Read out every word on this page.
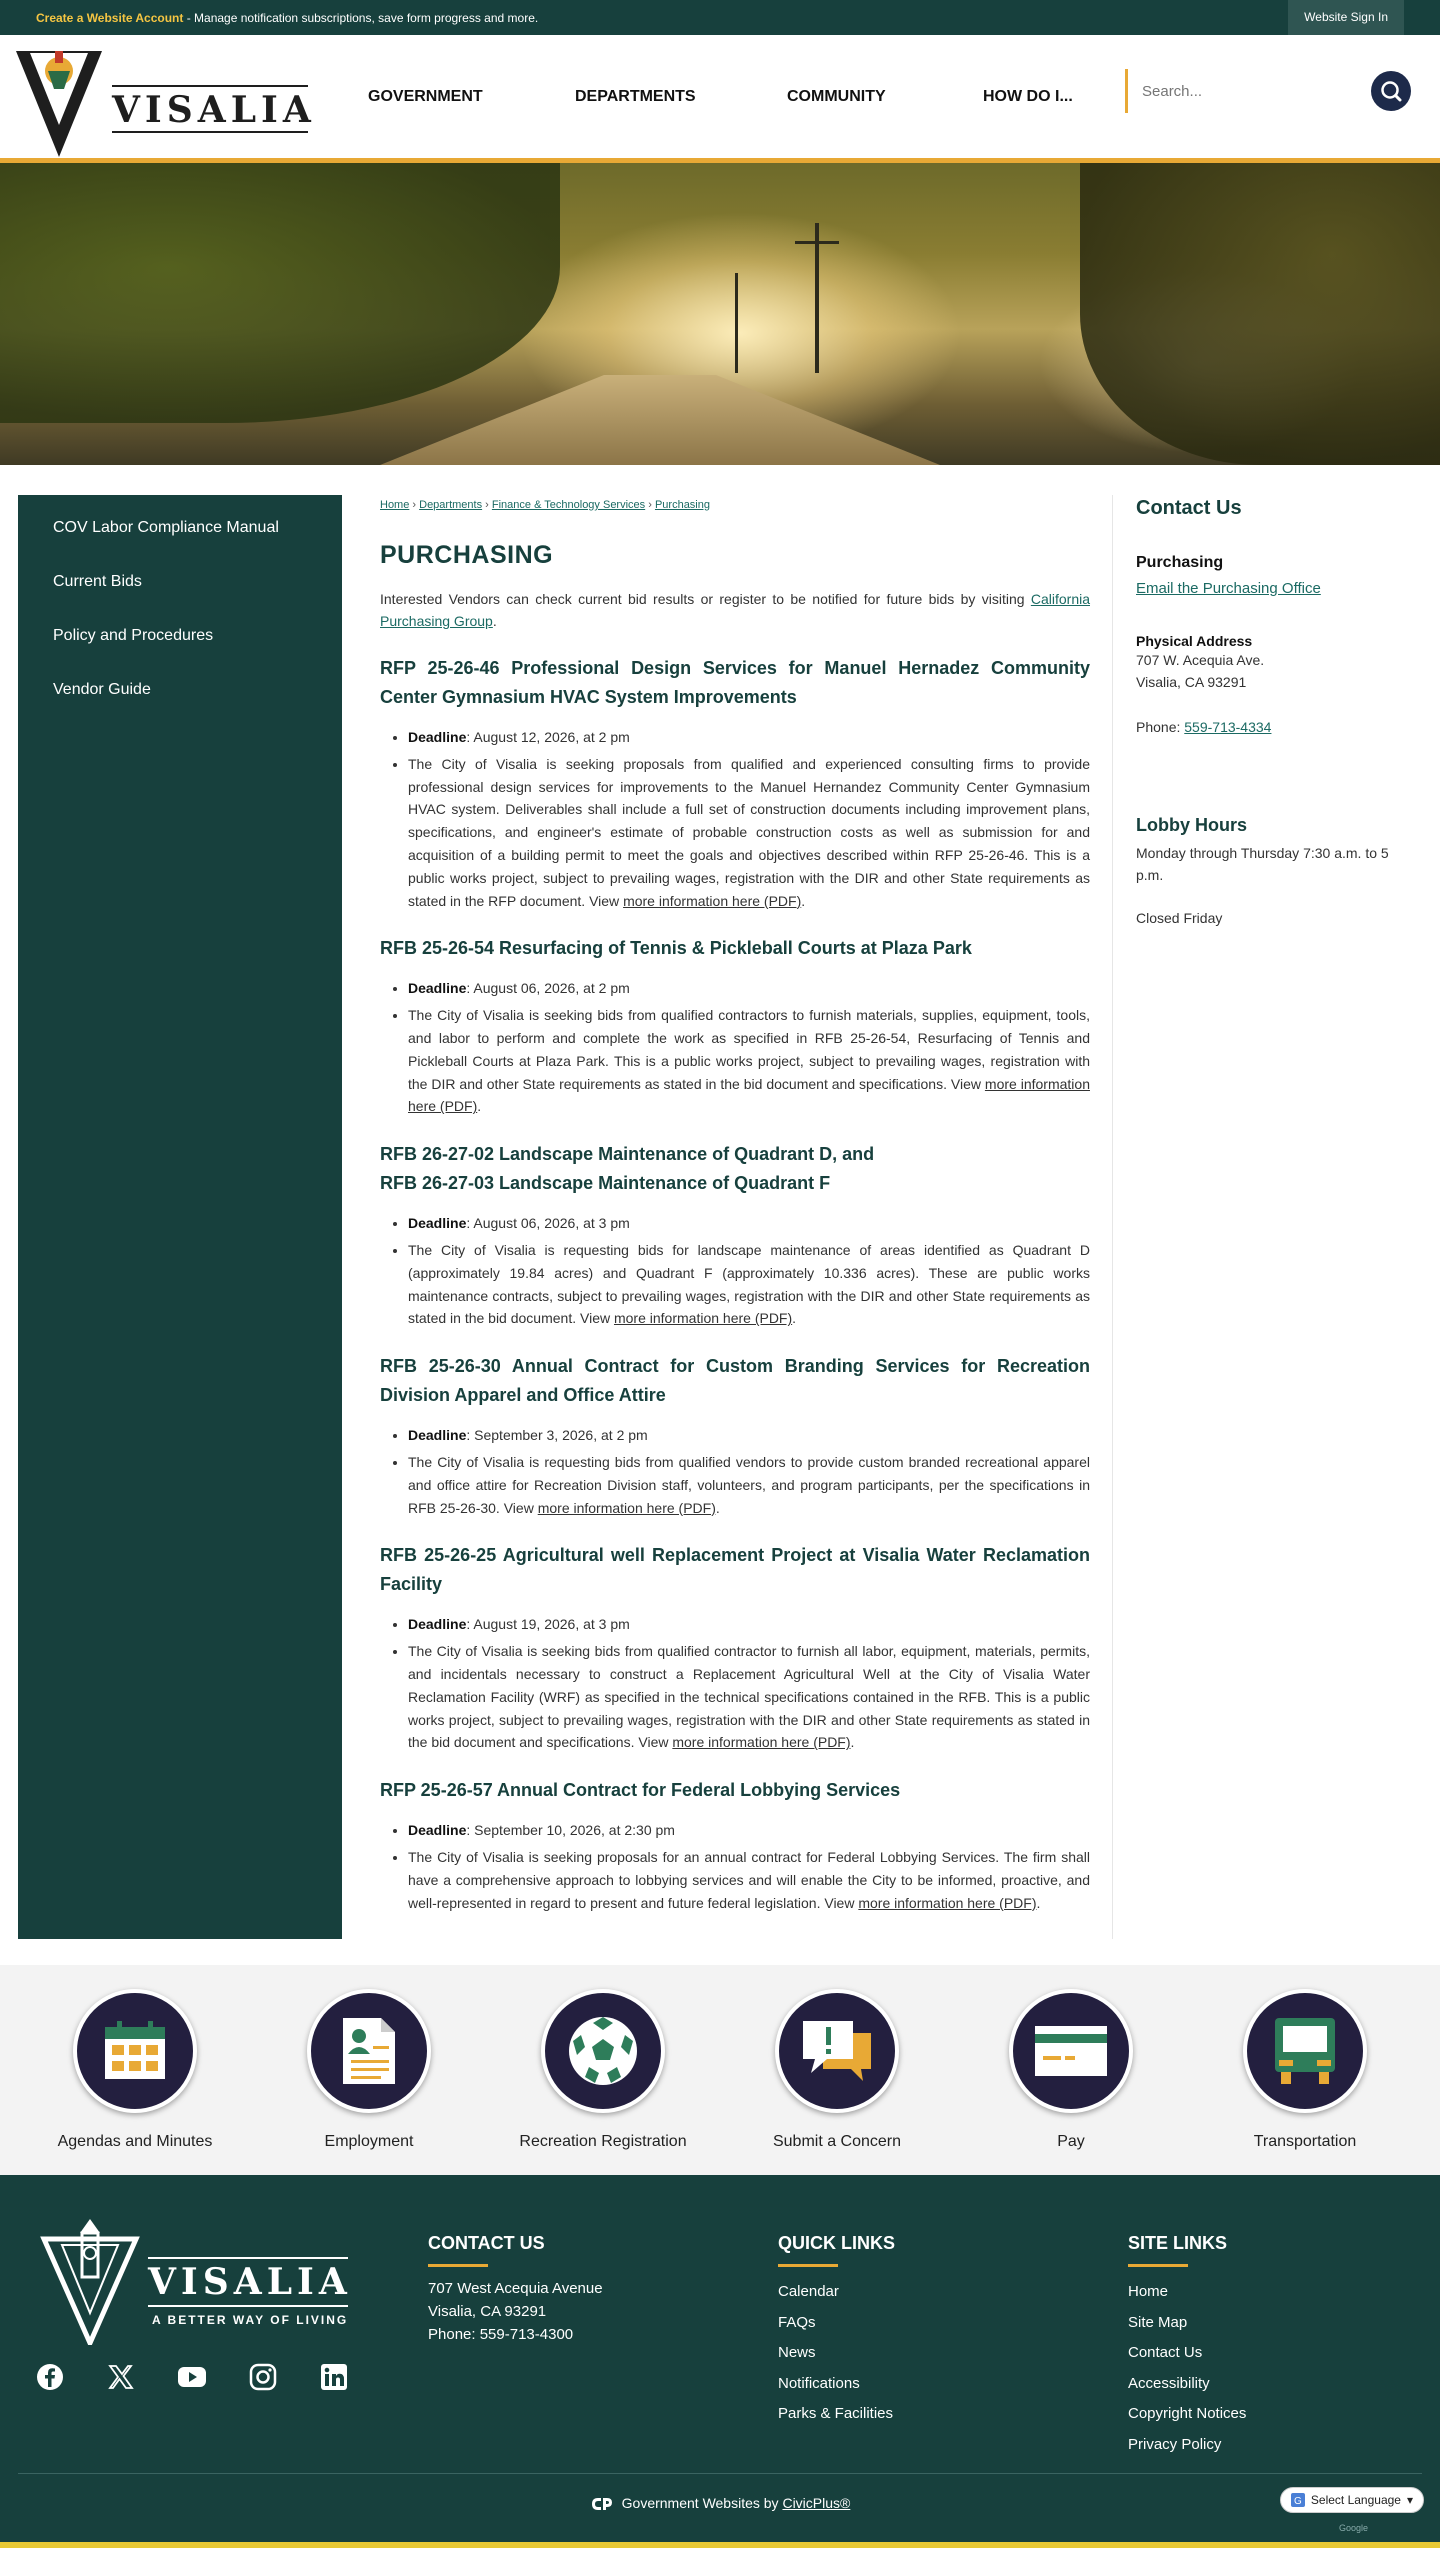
Create a Website Account - Manage notification subscriptions, save form progress and more.	Website Sign In
VISALIA	GOVERNMENT	DEPARTMENTS	COMMUNITY	HOW DO I...
Search...
COV Labor Compliance Manual
Current Bids
Policy and Procedures
Vendor Guide
Home › Departments › Finance & Technology Services › Purchasing
PURCHASING

Interested Vendors can check current bid results or register to be notified for future bids by visiting California Purchasing Group.

RFP 25-26-46 Professional Design Services for Manuel Hernadez Community Center Gymnasium HVAC System Improvements
• Deadline: August 12, 2026, at 2 pm
• The City of Visalia is seeking proposals from qualified and experienced consulting firms to provide professional design services for improvements to the Manuel Hernandez Community Center Gymnasium HVAC system. Deliverables shall include a full set of construction documents including improvement plans, specifications, and engineer's estimate of probable construction costs as well as submission for and acquisition of a building permit to meet the goals and objectives described within RFP 25-26-46. This is a public works project, subject to prevailing wages, registration with the DIR and other State requirements as stated in the RFP document. View more information here (PDF).
RFB 25-26-54 Resurfacing of Tennis & Pickleball Courts at Plaza Park
• Deadline: August 06, 2026, at 2 pm
• The City of Visalia is seeking bids from qualified contractors to furnish materials, supplies, equipment, tools, and labor to perform and complete the work as specified in RFB 25-26-54, Resurfacing of Tennis and Pickleball Courts at Plaza Park. This is a public works project, subject to prevailing wages, registration with the DIR and other State requirements as stated in the bid document and specifications. View more information here (PDF).
RFB 26-27-02 Landscape Maintenance of Quadrant D, and
RFB 26-27-03 Landscape Maintenance of Quadrant F
• Deadline: August 06, 2026, at 3 pm
• The City of Visalia is requesting bids for landscape maintenance of areas identified as Quadrant D (approximately 19.84 acres) and Quadrant F (approximately 10.336 acres). These are public works maintenance contracts, subject to prevailing wages, registration with the DIR and other State requirements as stated in the bid document. View more information here (PDF).
RFB 25-26-30 Annual Contract for Custom Branding Services for Recreation Division Apparel and Office Attire
• Deadline: September 3, 2026, at 2 pm
• The City of Visalia is requesting bids from qualified vendors to provide custom branded recreational apparel and office attire for Recreation Division staff, volunteers, and program participants, per the specifications in RFB 25-26-30. View more information here (PDF).
RFB 25-26-25 Agricultural well Replacement Project at Visalia Water Reclamation Facility
• Deadline: August 19, 2026, at 3 pm
• The City of Visalia is seeking bids from qualified contractor to furnish all labor, equipment, materials, permits, and incidentals necessary to construct a Replacement Agricultural Well at the City of Visalia Water Reclamation Facility (WRF) as specified in the technical specifications contained in the RFB. This is a public works project, subject to prevailing wages, registration with the DIR and other State requirements as stated in the bid document and specifications. View more information here (PDF).
RFP 25-26-57 Annual Contract for Federal Lobbying Services
• Deadline: September 10, 2026, at 2:30 pm
• The City of Visalia is seeking proposals for an annual contract for Federal Lobbying Services. The firm shall have a comprehensive approach to lobbying services and will enable the City to be informed, proactive, and well-represented in regard to present and future federal legislation. View more information here (PDF).
Contact Us
Purchasing
Email the Purchasing Office
Physical Address
707 W. Acequia Ave.
Visalia, CA 93291
Phone: 559-713-4334
Lobby Hours
Monday through Thursday 7:30 a.m. to 5 p.m.
Closed Friday
Agendas and Minutes	Employment	Recreation Registration	Submit a Concern	Pay	Transportation
VISALIA
A BETTER WAY OF LIVING
CONTACT US
707 West Acequia Avenue
Visalia, CA 93291
Phone: 559-713-4300
QUICK LINKS
Calendar
FAQs
News
Notifications
Parks & Facilities
SITE LINKS
Home
Site Map
Contact Us
Accessibility
Copyright Notices
Privacy Policy
Government Websites by CivicPlus®	G Select Language ▾
Google
